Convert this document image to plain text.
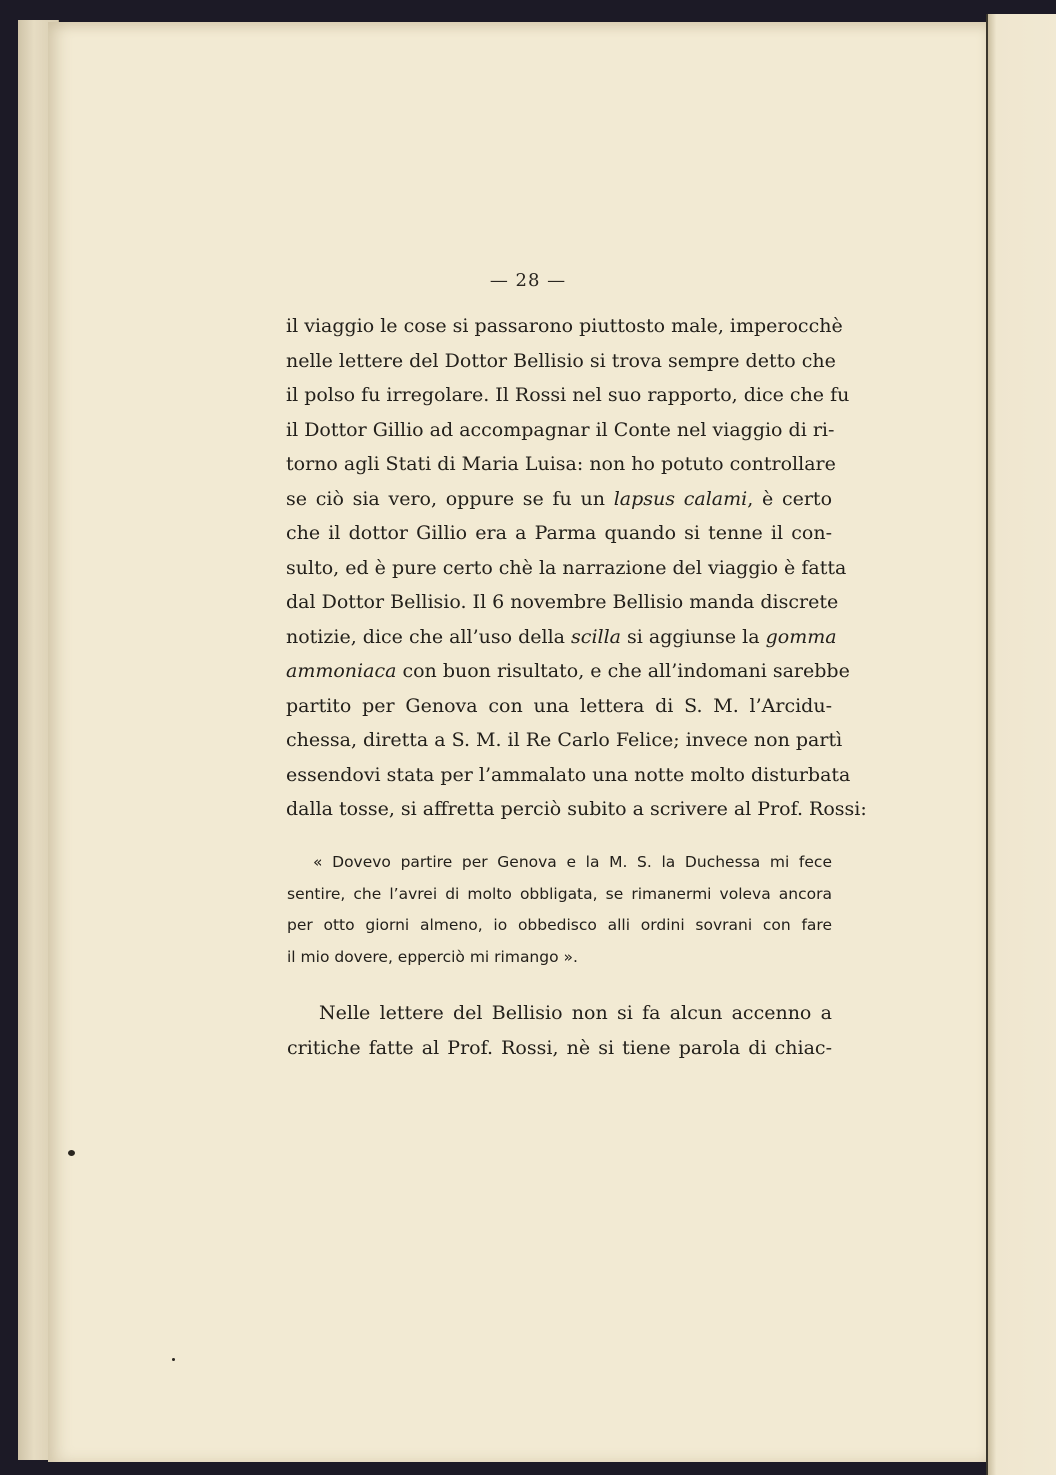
— 28 —
il viaggio le cose si passarono piuttosto male, imperocchè
nelle lettere del Dottor Bellisio si trova sempre detto che
il polso fu irregolare. Il Rossi nel suo rapporto, dice che fu
il Dottor Gillio ad accompagnar il Conte nel viaggio di ri-
torno agli Stati di Maria Luisa: non ho potuto controllare
se ciò sia vero, oppure se fu un lapsus calami, è certo
che il dottor Gillio era a Parma quando si tenne il con-
sulto, ed è pure certo chè la narrazione del viaggio è fatta
dal Dottor Bellisio. Il 6 novembre Bellisio manda discrete
notizie, dice che all’uso della scilla si aggiunse la gomma
ammoniaca con buon risultato, e che all’indomani sarebbe
partito per Genova con una lettera di S. M. l’Arcidu-
chessa, diretta a S. M. il Re Carlo Felice; invece non partì
essendovi stata per l’ammalato una notte molto disturbata
dalla tosse, si affretta perciò subito a scrivere al Prof. Rossi:
« Dovevo partire per Genova e la M. S. la Duchessa mi fece
sentire, che l’avrei di molto obbligata, se rimanermi voleva ancora
per otto giorni almeno, io obbedisco alli ordini sovrani con fare
il mio dovere, epperciò mi rimango ».
Nelle lettere del Bellisio non si fa alcun accenno a
critiche fatte al Prof. Rossi, nè si tiene parola di chiac-
